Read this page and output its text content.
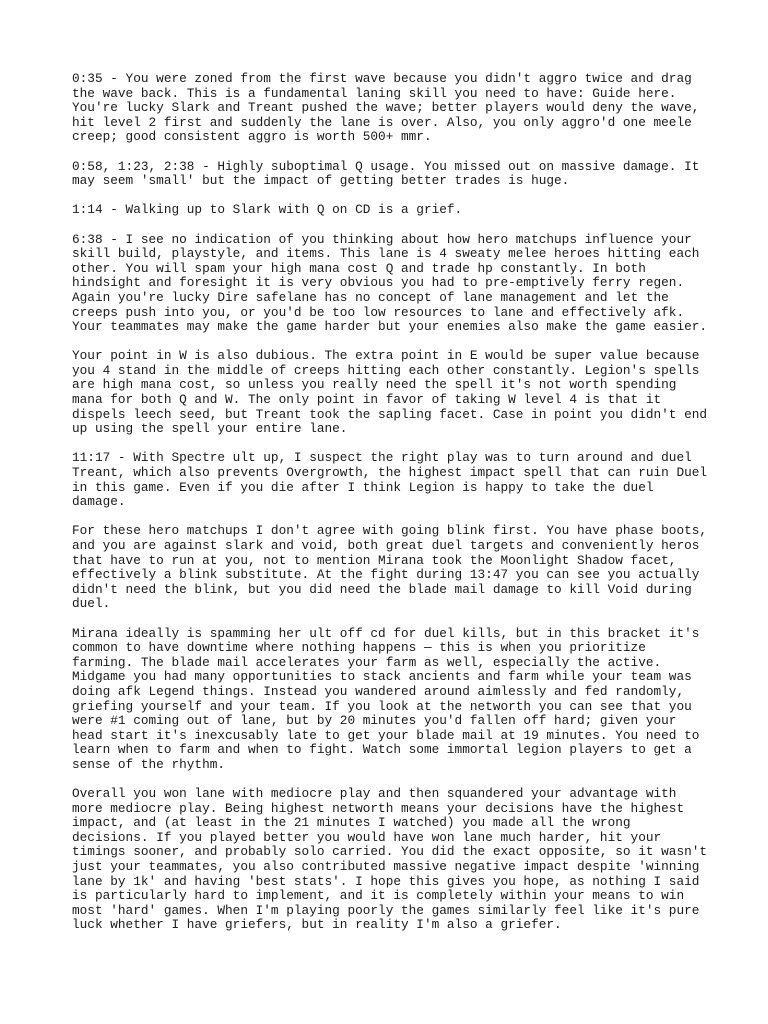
0:35 - You were zoned from the first wave because you didn't aggro twice and drag
the wave back. This is a fundamental laning skill you need to have: Guide here.
You're lucky Slark and Treant pushed the wave; better players would deny the wave,
hit level 2 first and suddenly the lane is over. Also, you only aggro'd one meele
creep; good consistent aggro is worth 500+ mmr.

0:58, 1:23, 2:38 - Highly suboptimal Q usage. You missed out on massive damage. It
may seem 'small' but the impact of getting better trades is huge.

1:14 - Walking up to Slark with Q on CD is a grief.

6:38 - I see no indication of you thinking about how hero matchups influence your
skill build, playstyle, and items. This lane is 4 sweaty melee heroes hitting each
other. You will spam your high mana cost Q and trade hp constantly. In both
hindsight and foresight it is very obvious you had to pre-emptively ferry regen.
Again you're lucky Dire safelane has no concept of lane management and let the
creeps push into you, or you'd be too low resources to lane and effectively afk.
Your teammates may make the game harder but your enemies also make the game easier.

Your point in W is also dubious. The extra point in E would be super value because
you 4 stand in the middle of creeps hitting each other constantly. Legion's spells
are high mana cost, so unless you really need the spell it's not worth spending
mana for both Q and W. The only point in favor of taking W level 4 is that it
dispels leech seed, but Treant took the sapling facet. Case in point you didn't end
up using the spell your entire lane.

11:17 - With Spectre ult up, I suspect the right play was to turn around and duel
Treant, which also prevents Overgrowth, the highest impact spell that can ruin Duel
in this game. Even if you die after I think Legion is happy to take the duel
damage.

For these hero matchups I don't agree with going blink first. You have phase boots,
and you are against slark and void, both great duel targets and conveniently heros
that have to run at you, not to mention Mirana took the Moonlight Shadow facet,
effectively a blink substitute. At the fight during 13:47 you can see you actually
didn't need the blink, but you did need the blade mail damage to kill Void during
duel.

Mirana ideally is spamming her ult off cd for duel kills, but in this bracket it's
common to have downtime where nothing happens — this is when you prioritize
farming. The blade mail accelerates your farm as well, especially the active.
Midgame you had many opportunities to stack ancients and farm while your team was
doing afk Legend things. Instead you wandered around aimlessly and fed randomly,
griefing yourself and your team. If you look at the networth you can see that you
were #1 coming out of lane, but by 20 minutes you'd fallen off hard; given your
head start it's inexcusably late to get your blade mail at 19 minutes. You need to
learn when to farm and when to fight. Watch some immortal legion players to get a
sense of the rhythm.

Overall you won lane with mediocre play and then squandered your advantage with
more mediocre play. Being highest networth means your decisions have the highest
impact, and (at least in the 21 minutes I watched) you made all the wrong
decisions. If you played better you would have won lane much harder, hit your
timings sooner, and probably solo carried. You did the exact opposite, so it wasn't
just your teammates, you also contributed massive negative impact despite 'winning
lane by 1k' and having 'best stats'. I hope this gives you hope, as nothing I said
is particularly hard to implement, and it is completely within your means to win
most 'hard' games. When I'm playing poorly the games similarly feel like it's pure
luck whether I have griefers, but in reality I'm also a griefer.
